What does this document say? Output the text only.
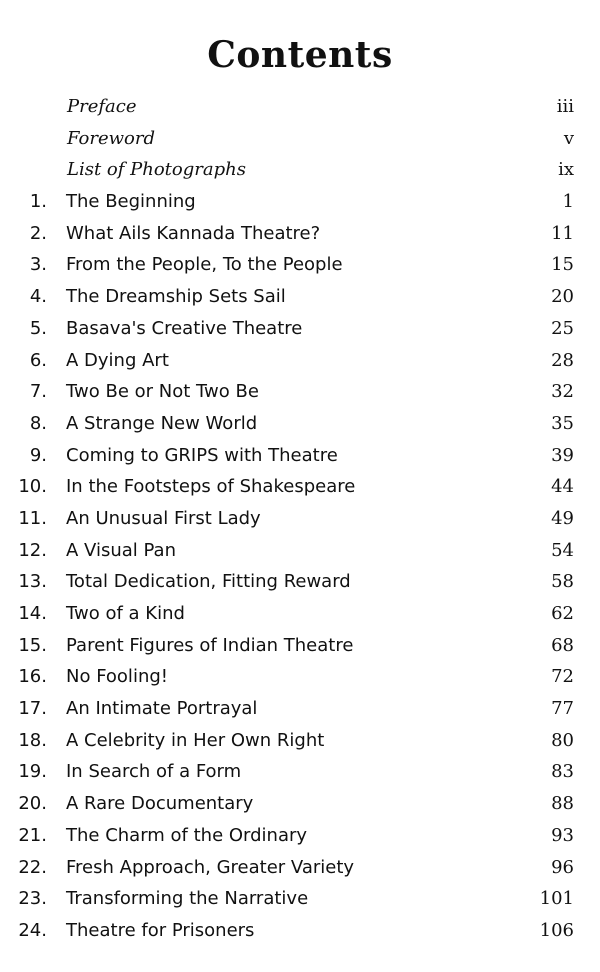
Contents
Preface	iii
Foreword	v
List of Photographs	ix
1. The Beginning	1
2. What Ails Kannada Theatre?	11
3. From the People, To the People	15
4. The Dreamship Sets Sail	20
5. Basava's Creative Theatre	25
6. A Dying Art	28
7. Two Be or Not Two Be	32
8. A Strange New World	35
9. Coming to GRIPS with Theatre	39
10. In the Footsteps of Shakespeare	44
11. An Unusual First Lady	49
12. A Visual Pan	54
13. Total Dedication, Fitting Reward	58
14. Two of a Kind	62
15. Parent Figures of Indian Theatre	68
16. No Fooling!	72
17. An Intimate Portrayal	77
18. A Celebrity in Her Own Right	80
19. In Search of a Form	83
20. A Rare Documentary	88
21. The Charm of the Ordinary	93
22. Fresh Approach, Greater Variety	96
23. Transforming the Narrative	101
24. Theatre for Prisoners	106
